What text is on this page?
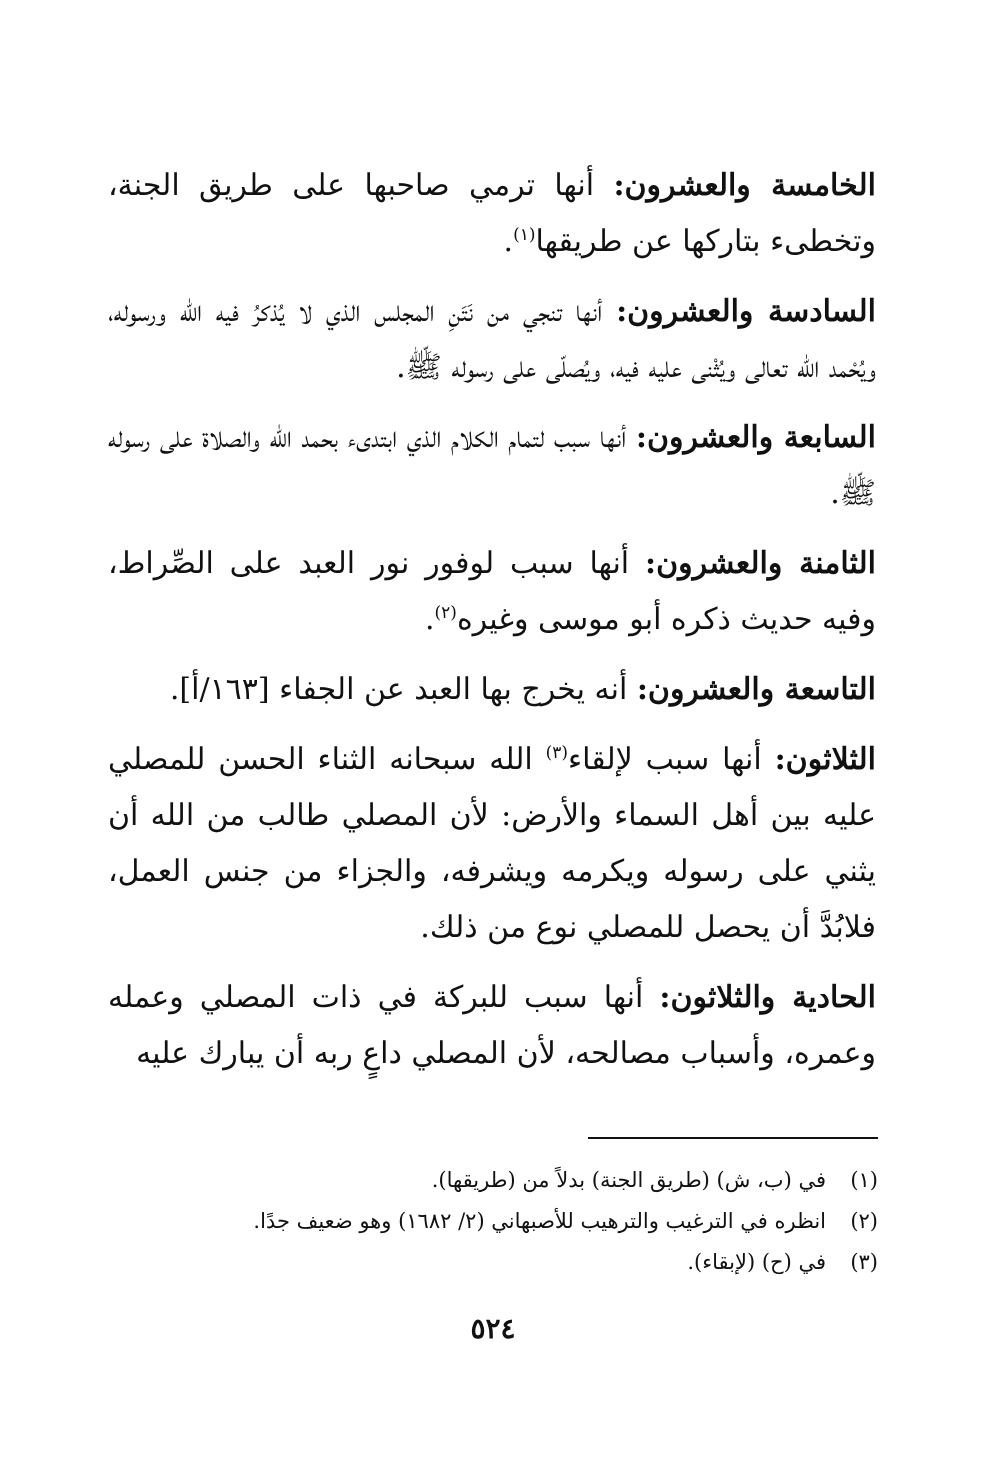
الخامسة والعشرون: أنها ترمي صاحبها على طريق الجنة، وتخطىء بتاركها عن طريقها$^{(١)}$.

السادسة والعشرون: أنها تنجي من نَتَنِ المجلس الذي لا يُذكرُ فيه الله ورسوله، ويُحْمد الله تعالى ويُثْنى عليه فيه، ويُصلّى على رسوله ﷺ.

السابعة والعشرون: أنها سبب لتمام الكلام الذي ابتدىء بحمد الله والصلاة على رسوله ﷺ.

الثامنة والعشرون: أنها سبب لوفور نور العبد على الصِّراط، وفيه حديث ذكره أبو موسى وغيره$^{(٢)}$.

التاسعة والعشرون: أنه يخرج بها العبد عن الجفاء [١٦٣/أ].

الثلاثون: أنها سبب لإلقاء$^{(٣)}$ الله سبحانه الثناء الحسن للمصلي عليه بين أهل السماء والأرض: لأن المصلي طالب من الله أن يثني على رسوله ويكرمه ويشرفه، والجزاء من جنس العمل، فلابُدَّ أن يحصل للمصلي نوع من ذلك.

الحادية والثلاثون: أنها سبب للبركة في ذات المصلي وعمله وعمره، وأسباب مصالحه، لأن المصلي داعٍ ربه أن يبارك عليه

(١)
في (ب، ش) (طريق الجنة) بدلاً من (طريقها).
(٢)
انظره في الترغيب والترهيب للأصبهاني (٢/ ١٦٨٢) وهو ضعيف جدًا.
(٣)
في (ح) (لإبقاء).
٥٢٤
